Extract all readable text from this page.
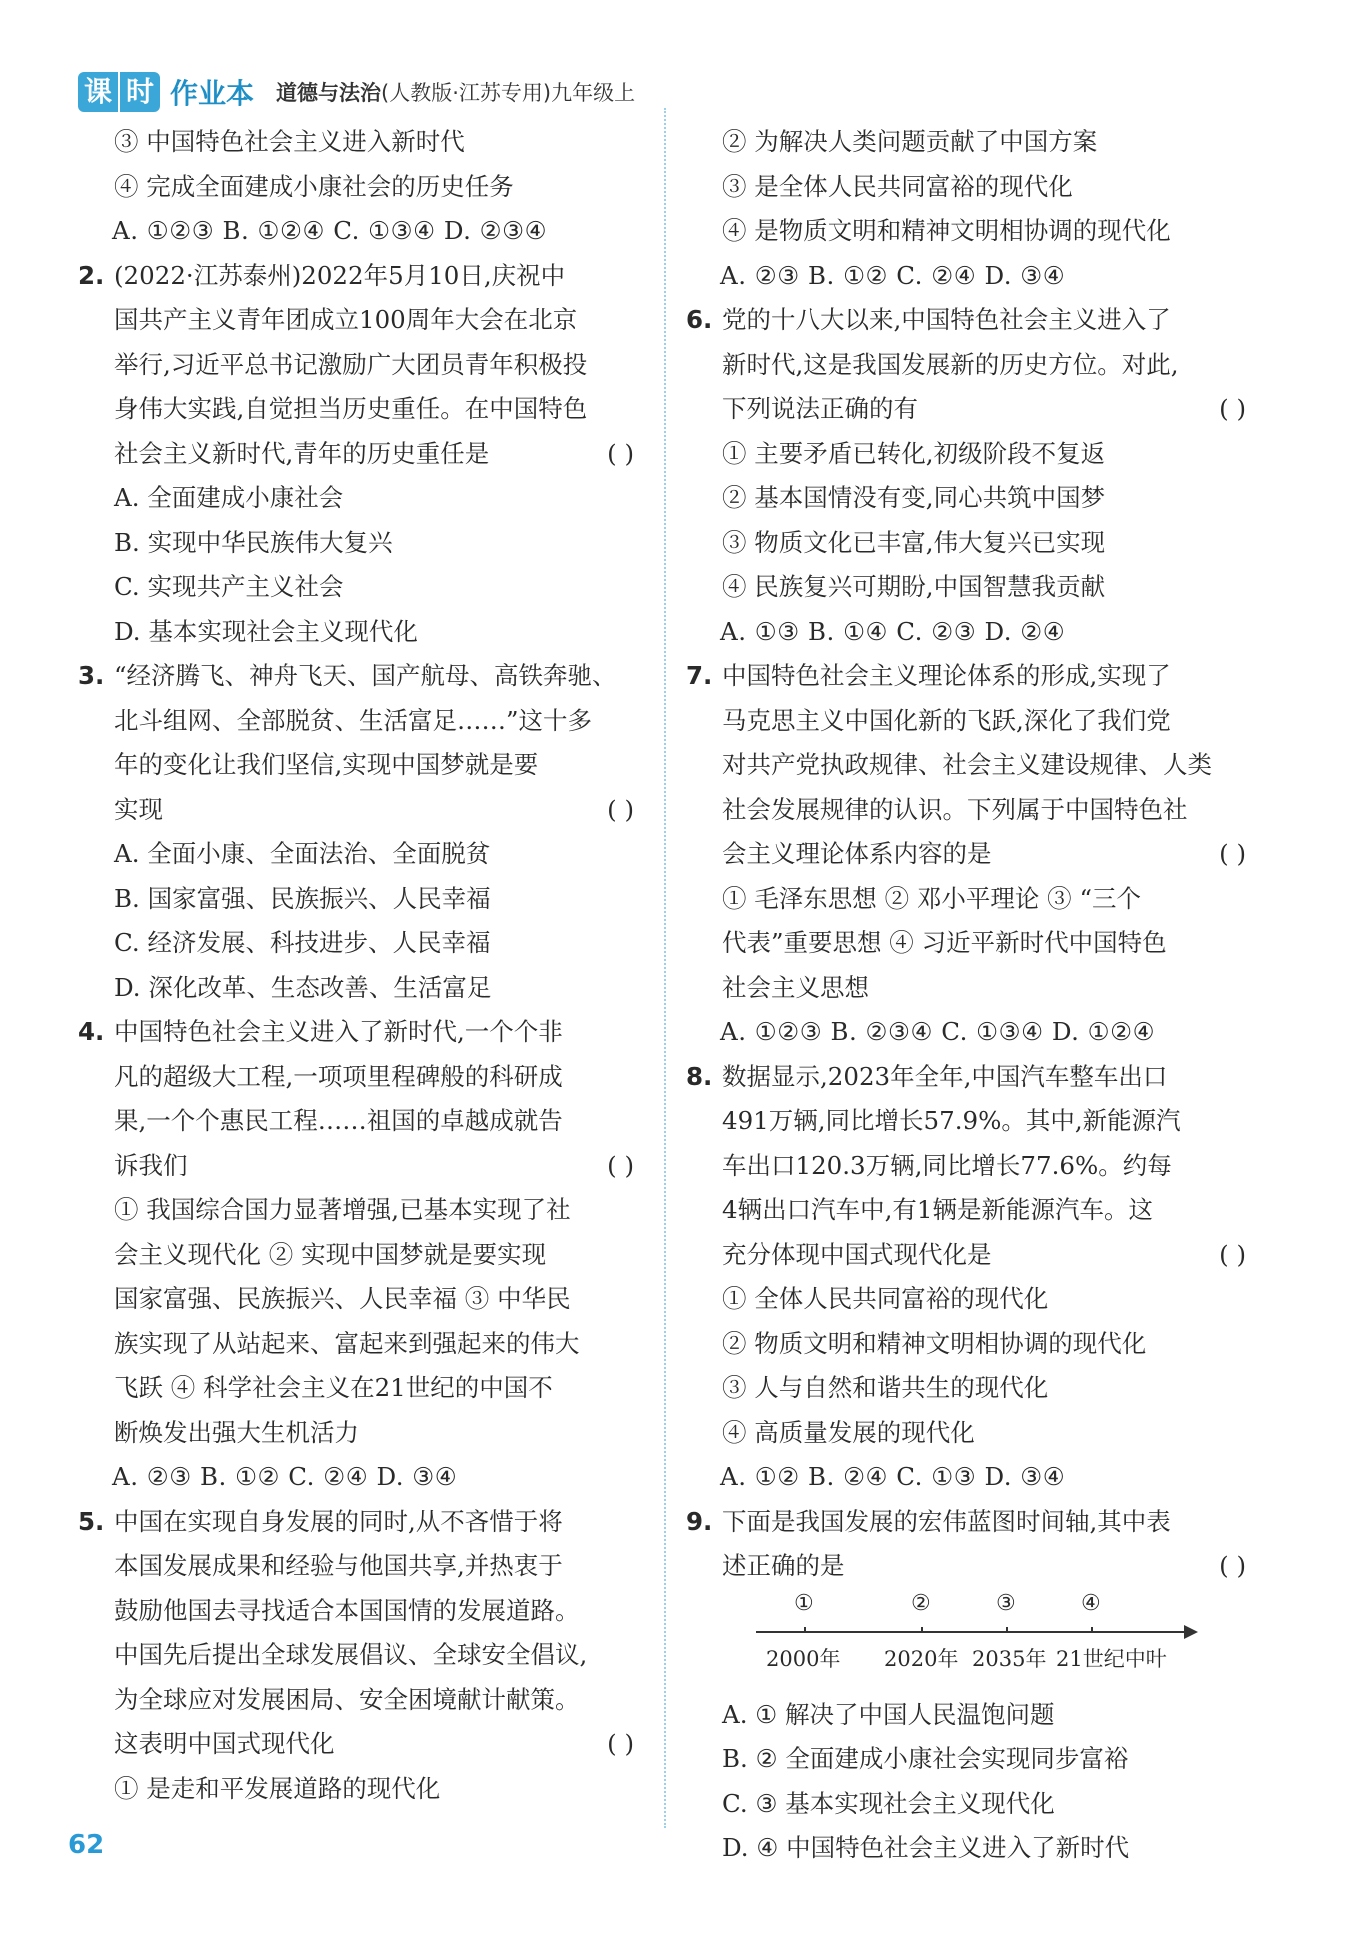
课 时 作业本 道德与法治 (人教版·江苏专用)九年级上
③ 中国特色社会主义进入新时代
④ 完成全面建成小康社会的历史任务
A. ①②③ B. ①②④ C. ①③④ D. ②③④
2. (2022·江苏泰州)2022年5月10日,庆祝中
国共产主义青年团成立100周年大会在北京
举行,习近平总书记激励广大团员青年积极投
身伟大实践,自觉担当历史重任。在中国特色
社会主义新时代,青年的历史重任是	( )
A. 全面建成小康社会
B. 实现中华民族伟大复兴
C. 实现共产主义社会
D. 基本实现社会主义现代化
3. “经济腾飞、神舟飞天、国产航母、高铁奔驰、
北斗组网、全部脱贫、生活富足……”这十多
年的变化让我们坚信,实现中国梦就是要
实现	( )
A. 全面小康、全面法治、全面脱贫
B. 国家富强、民族振兴、人民幸福
C. 经济发展、科技进步、人民幸福
D. 深化改革、生态改善、生活富足
4. 中国特色社会主义进入了新时代,一个个非
凡的超级大工程,一项项里程碑般的科研成
果,一个个惠民工程……祖国的卓越成就告
诉我们	( )
① 我国综合国力显著增强,已基本实现了社
会主义现代化 ② 实现中国梦就是要实现
国家富强、民族振兴、人民幸福 ③ 中华民
族实现了从站起来、富起来到强起来的伟大
飞跃 ④ 科学社会主义在21世纪的中国不
断焕发出强大生机活力
A. ②③ B. ①② C. ②④ D. ③④
5. 中国在实现自身发展的同时,从不吝惜于将
本国发展成果和经验与他国共享,并热衷于
鼓励他国去寻找适合本国国情的发展道路。
中国先后提出全球发展倡议、全球安全倡议,
为全球应对发展困局、安全困境献计献策。
这表明中国式现代化	( )
① 是走和平发展道路的现代化
② 为解决人类问题贡献了中国方案
③ 是全体人民共同富裕的现代化
④ 是物质文明和精神文明相协调的现代化
A. ②③ B. ①② C. ②④ D. ③④
6. 党的十八大以来,中国特色社会主义进入了
新时代,这是我国发展新的历史方位。对此,
下列说法正确的有	( )
① 主要矛盾已转化,初级阶段不复返
② 基本国情没有变,同心共筑中国梦
③ 物质文化已丰富,伟大复兴已实现
④ 民族复兴可期盼,中国智慧我贡献
A. ①③ B. ①④ C. ②③ D. ②④
7. 中国特色社会主义理论体系的形成,实现了
马克思主义中国化新的飞跃,深化了我们党
对共产党执政规律、社会主义建设规律、人类
社会发展规律的认识。下列属于中国特色社
会主义理论体系内容的是	( )
① 毛泽东思想 ② 邓小平理论 ③ “三个
代表”重要思想 ④ 习近平新时代中国特色
社会主义思想
A. ①②③ B. ②③④ C. ①③④ D. ①②④
8. 数据显示,2023年全年,中国汽车整车出口
491万辆,同比增长57.9%。其中,新能源汽
车出口120.3万辆,同比增长77.6%。约每
4辆出口汽车中,有1辆是新能源汽车。这
充分体现中国式现代化是	( )
① 全体人民共同富裕的现代化
② 物质文明和精神文明相协调的现代化
③ 人与自然和谐共生的现代化
④ 高质量发展的现代化
A. ①② B. ②④ C. ①③ D. ③④
9. 下面是我国发展的宏伟蓝图时间轴,其中表
述正确的是	( )
①
2000年
②
2020年
③
2035年
④
21世纪中叶
A. ① 解决了中国人民温饱问题
B. ② 全面建成小康社会实现同步富裕
C. ③ 基本实现社会主义现代化
D. ④ 中国特色社会主义进入了新时代
62
